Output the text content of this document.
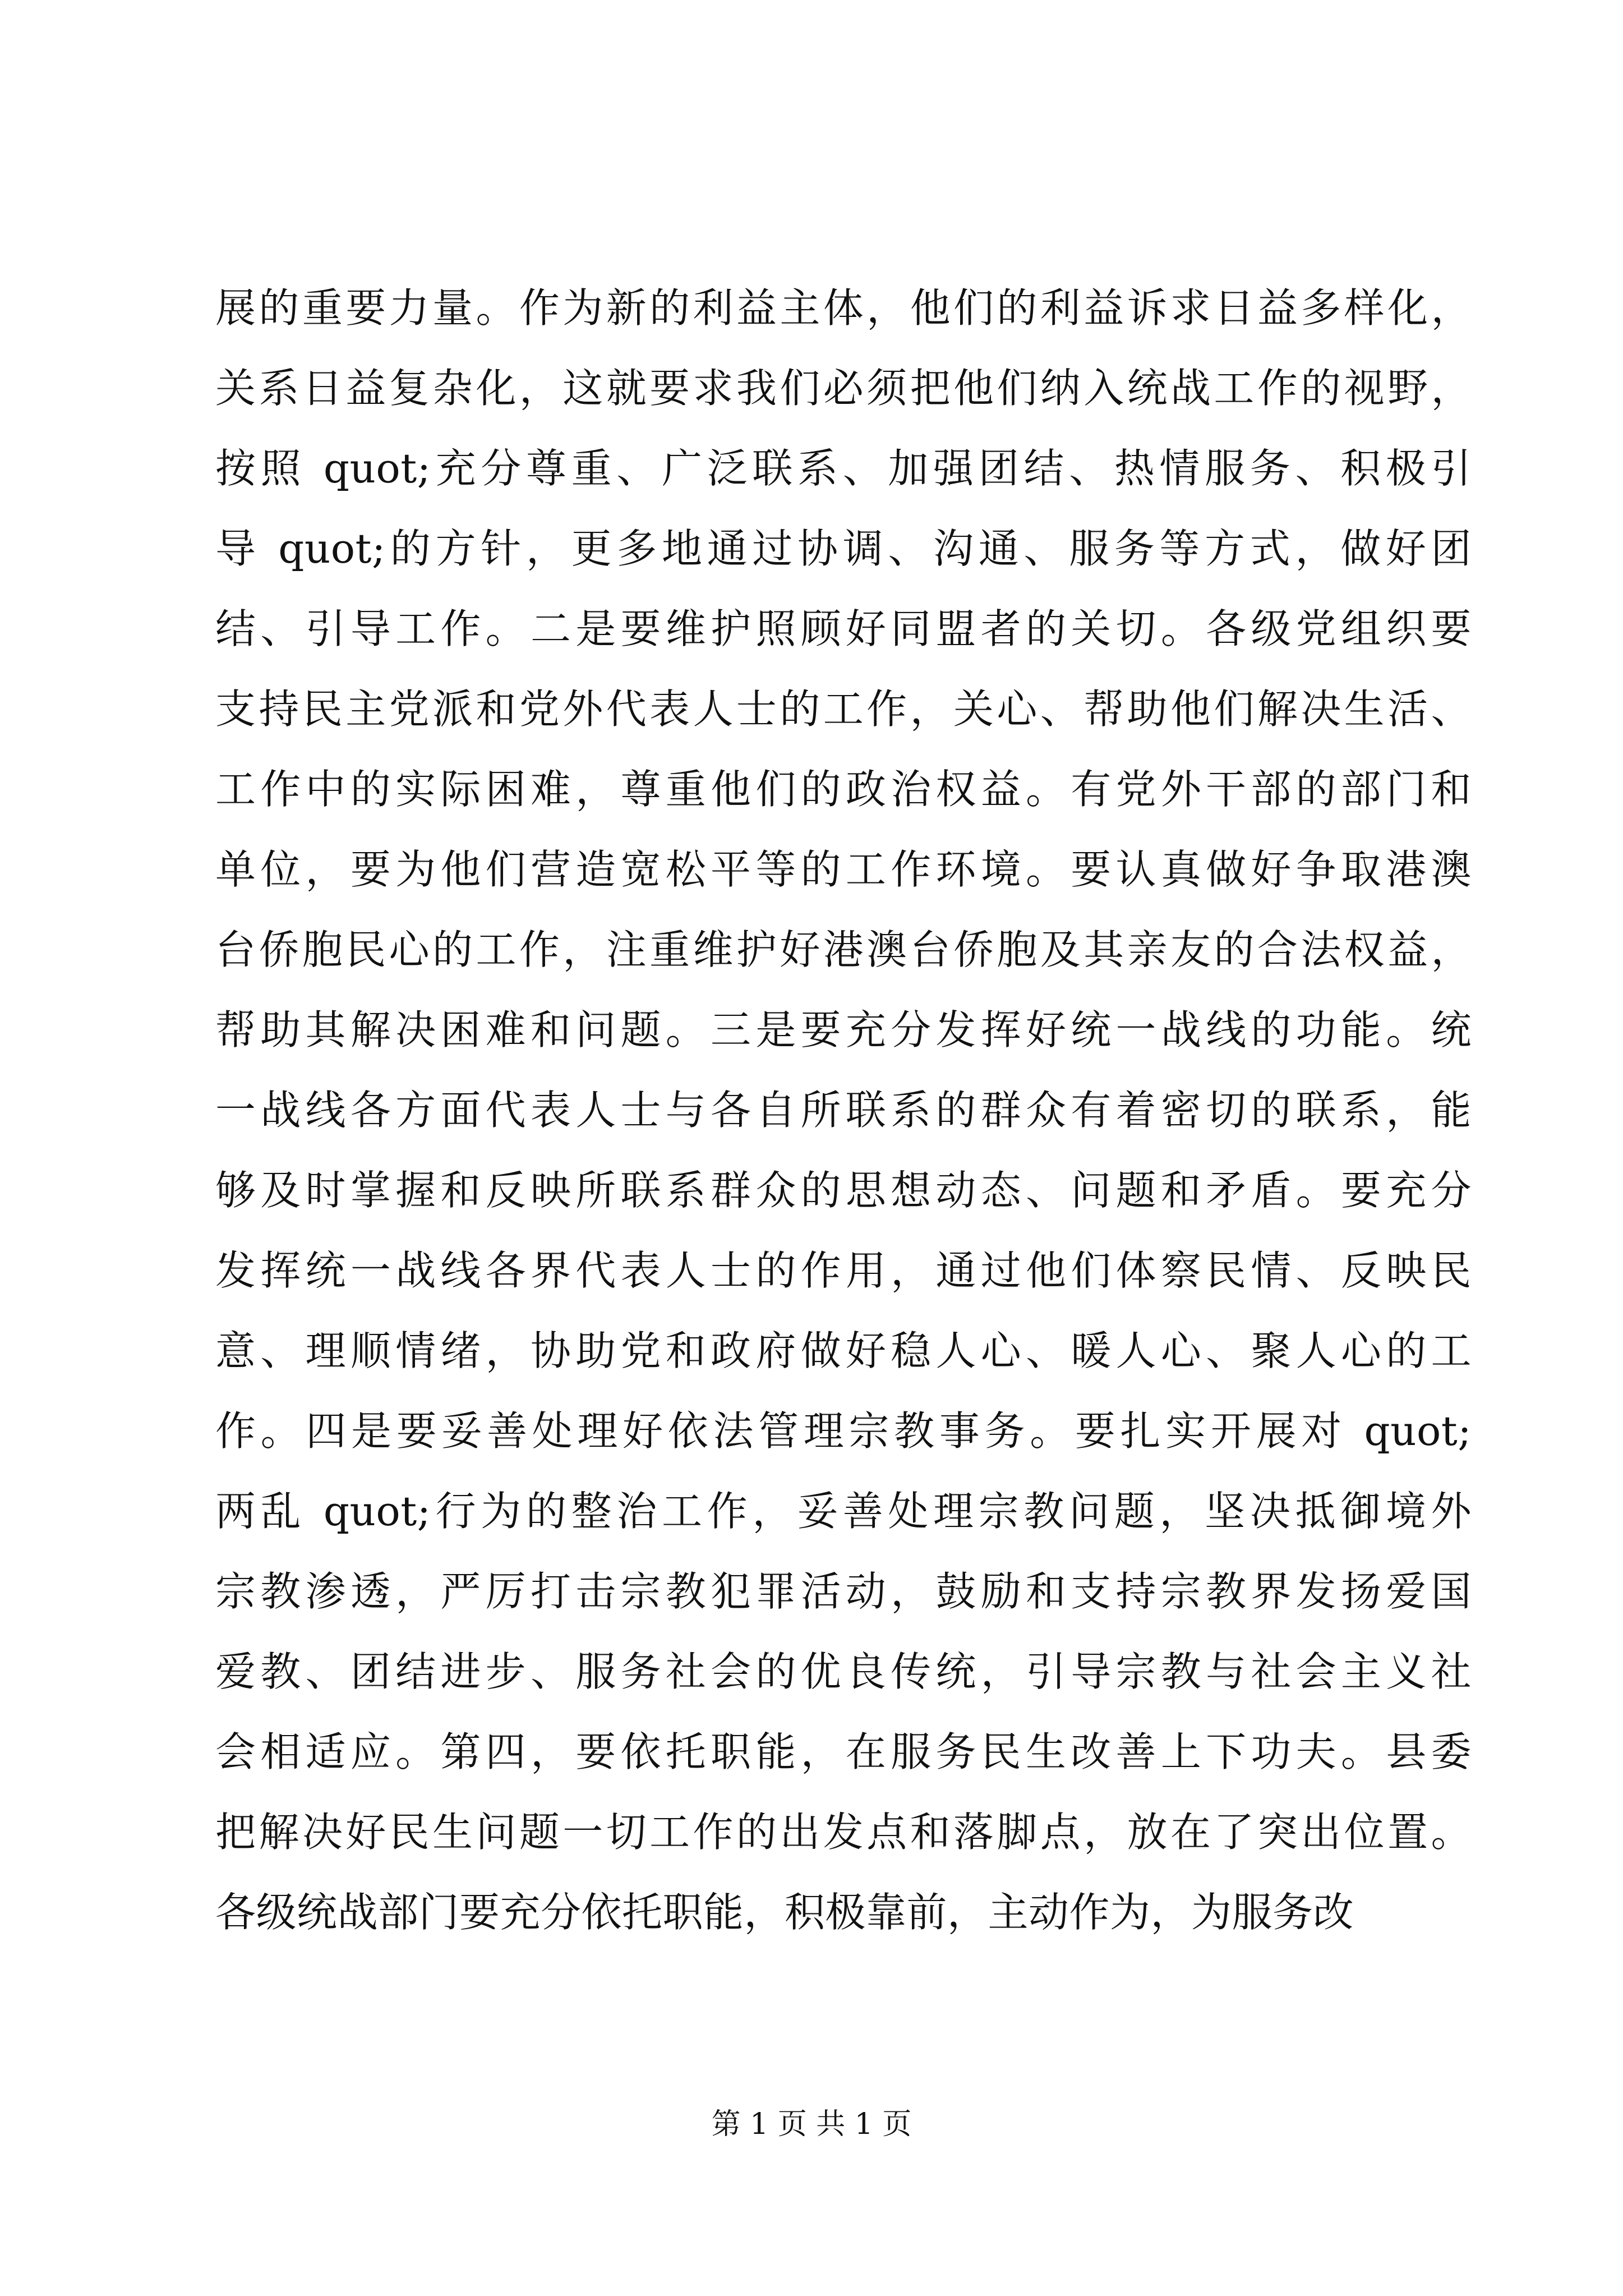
展的重要力量。作为新的利益主体，他们的利益诉求日益多样化，
关系日益复杂化，这就要求我们必须把他们纳入统战工作的视野，
按照 quot;充分尊重、广泛联系、加强团结、热情服务、积极引
导 quot;的方针，更多地通过协调、沟通、服务等方式，做好团
结、引导工作。二是要维护照顾好同盟者的关切。各级党组织要
支持民主党派和党外代表人士的工作，关心、帮助他们解决生活、
工作中的实际困难，尊重他们的政治权益。有党外干部的部门和
单位，要为他们营造宽松平等的工作环境。要认真做好争取港澳
台侨胞民心的工作，注重维护好港澳台侨胞及其亲友的合法权益，
帮助其解决困难和问题。三是要充分发挥好统一战线的功能。统
一战线各方面代表人士与各自所联系的群众有着密切的联系，能
够及时掌握和反映所联系群众的思想动态、问题和矛盾。要充分
发挥统一战线各界代表人士的作用，通过他们体察民情、反映民
意、理顺情绪，协助党和政府做好稳人心、暖人心、聚人心的工
作。四是要妥善处理好依法管理宗教事务。要扎实开展对 quot;
两乱 quot;行为的整治工作，妥善处理宗教问题，坚决抵御境外
宗教渗透，严厉打击宗教犯罪活动，鼓励和支持宗教界发扬爱国
爱教、团结进步、服务社会的优良传统，引导宗教与社会主义社
会相适应。第四，要依托职能，在服务民生改善上下功夫。县委
把解决好民生问题一切工作的出发点和落脚点，放在了突出位置。
各级统战部门要充分依托职能，积极靠前，主动作为，为服务改
第 1 页 共 1 页
